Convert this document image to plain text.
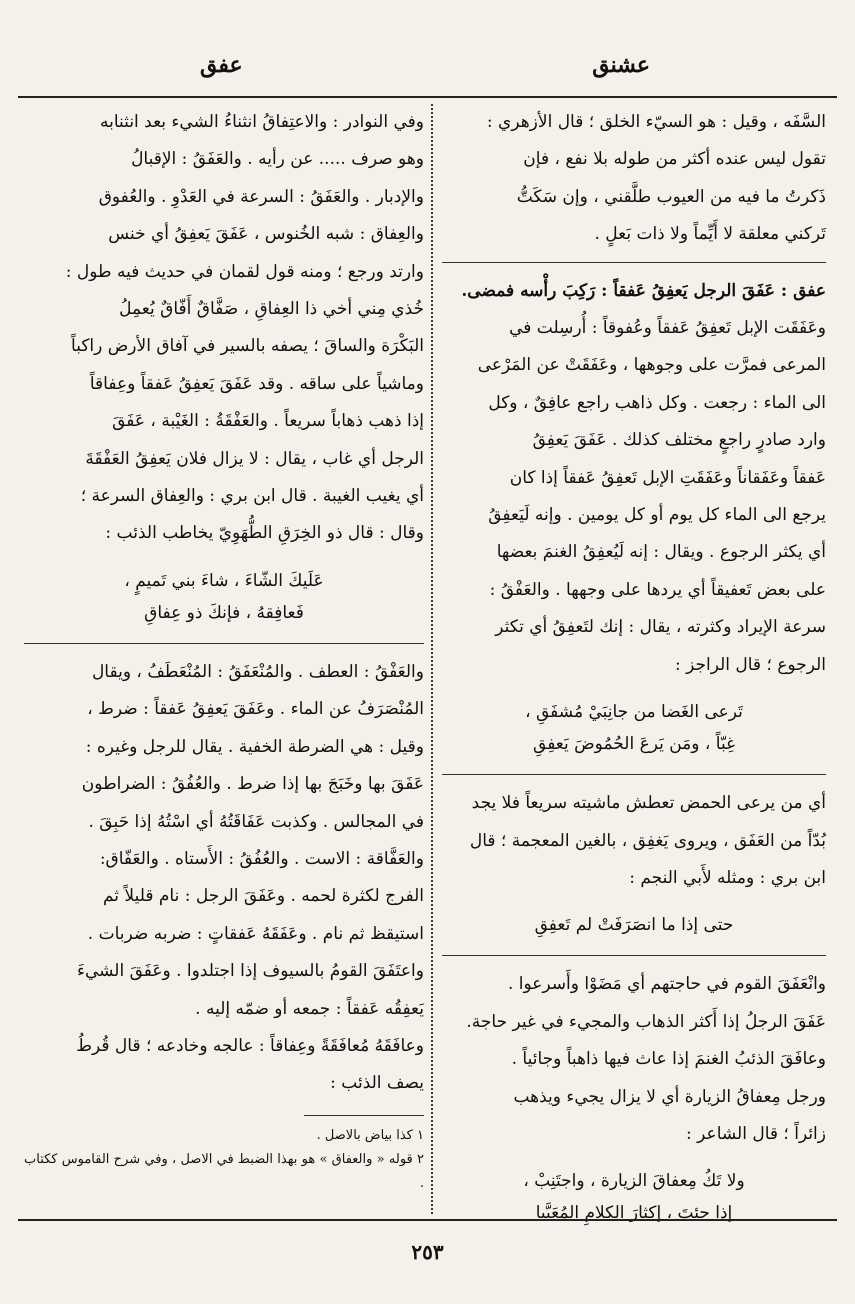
عشنق
عفق

السَّفَه ، وقيل : هو السيّء الخلق ؛ قال الأزهري :

تقول ليس عنده أكثر من طوله بلا نفع ، فإن

ذَكرتُ ما فيه من العيوب طلَّقني ، وإن سَكَتُّ

تَركني معلقة لا أَيِّماً ولا ذات بَعلٍ .

عفق : عَفَقَ الرجل يَعفِقُ عَفقاً : رَكِبَ رأْسه فمضى.

وعَفَقَت الإبل تَعفِقُ عَفقاً وعُفوقاً : أُرسِلت في

المرعى فمرَّت على وجوهها ، وعَفَقَتْ عن المَرْعى

الى الماء : رجعت . وكل ذاهب راجع عافِقٌ ، وكل

وارد صادرٍ راجعٍ مختلف كذلك . عَفَقَ يَعفِقُ

عَفقاً وعَفَقاناً وعَفَقَتِ الإبل تَعفِقُ عَفقاً إذا كان

يرجع الى الماء كل يوم أو كل يومين . وإنه لَيَعفِقُ

أي يكثر الرجوع . ويقال : إنه لَيُعفِقُ الغنمَ بعضها

على بعض تَعفيقاً أي يردها على وجهها . والعَفْقُ :

سرعة الإيراد وكثرته ، يقال : إنك لتَعفِقُ أي تكثر

الرجوع ؛ قال الراجز :

تَرعى الغَضا من جانِبَيْ مُشفَقِ ،
غِبّاً ، ومَن يَرعَ الحُمُوضَ يَعفِقِ

أي من يرعى الحمض تعطش ماشيته سريعاً فلا يجد

بُدّاً من العَفَق ، ويروى يَغفِق ، بالغين المعجمة ؛ قال

ابن بري : ومثله لأَبي النجم :

حتى إذا ما انصَرَفَتْ لم تَعفِقِ

وانْعَفَقَ القوم في حاجتهم أي مَضَوْا وأَسرعوا .

عَفَقَ الرجلُ إذا أَكثر الذهاب والمجيء في غير حاجة.

وعافَقَ الذئبُ الغنمَ إذا عاث فيها ذاهباً وجائياً .

ورجل مِعفاقُ الزيارة أي لا يزال يجيء ويذهب

زائراً ؛ قال الشاعر :

ولا تَكُ مِعفاقَ الزيارة ، واجتَنِبْ ،
إذا جئتَ ، إكثارَ الكلامِ المُعَيَّبا

وفي النوادر : والاعتِفاقُ انثناءُ الشيء بعد انثنابه

وهو صرف ..... عن رأيه . والعَفَقُ : الإقبالُ

والإدبار . والعَفَقُ : السرعة في العَدْوِ . والعُفوق

والعِفاق : شبه الخُنوس ، عَفَقَ يَعفِقُ أي خنس

وارتد ورجع ؛ ومنه قول لقمان في حديث فيه طول :

خُذي مِني أخي ذا العِفاقِ ، صَفَّاقٌ أَفّاقٌ يُعمِلُ

البَكْرَة والساقَ ؛ يصفه بالسير في آفاق الأرض راكباً

وماشياً على ساقه . وقد عَفَقَ يَعفِقُ عَفقاً وعِفاقاً

إذا ذهب ذهاباً سريعاً . والعَفْقَةُ : الغَيْبة ، عَفَقَ

الرجل أي غاب ، يقال : لا يزال فلان يَعفِقُ العَفْقَةَ

أي يغيب الغيبة . قال ابن بري : والعِفاق السرعة ؛

وقال : قال ذو الخِرَقِ الطُّهَوِيّ يخاطب الذئب :

عَلَيكَ الشّاءَ ، شاءَ بني تَميمٍ ،
فَعافِقهُ ، فإنكَ ذو عِفاقِ

والعَفْقُ : العطف . والمُنْعَفَقُ : المُنْعَطَفُ ، ويقال

المُنْصَرَفُ عن الماء . وعَفَقَ يَعفِقُ عَفقاً : ضرط ،

وقيل : هي الضرطة الخفية . يقال للرجل وغيره :

عَفَقَ بها وخَبَجَ بها إذا ضرط . والعُفُقُ : الضراطون

في المجالس . وكذبت عَفَاقَتُهُ أي اسْتُهُ إذا حَبِقَ .

والعَفَّاقة : الاست . والعُفُقُ : الأَستاه . والعَفّاق:

الفرج لكثرة لحمه . وعَفَقَ الرجل : نام قليلاً ثم

استيقظ ثم نام . وعَفَقَهُ عَفقاتٍ : ضربه ضربات .

واعتَفَقَ القومُ بالسيوف إذا اجتلدوا . وعَفَقَ الشيءَ

يَعفِقُه عَفقاً : جمعه أو ضمّه إليه .

وعافَقَهُ مُعافَقَةً وعِفاقاً : عالجه وخادعه ؛ قال قُرطُ

يصف الذئب :

١ كذا بياض بالاصل .

٢ قوله « والعفاق » هو بهذا الضبط في الاصل ، وفي شرح القاموس ككتاب .

٢٥٣
